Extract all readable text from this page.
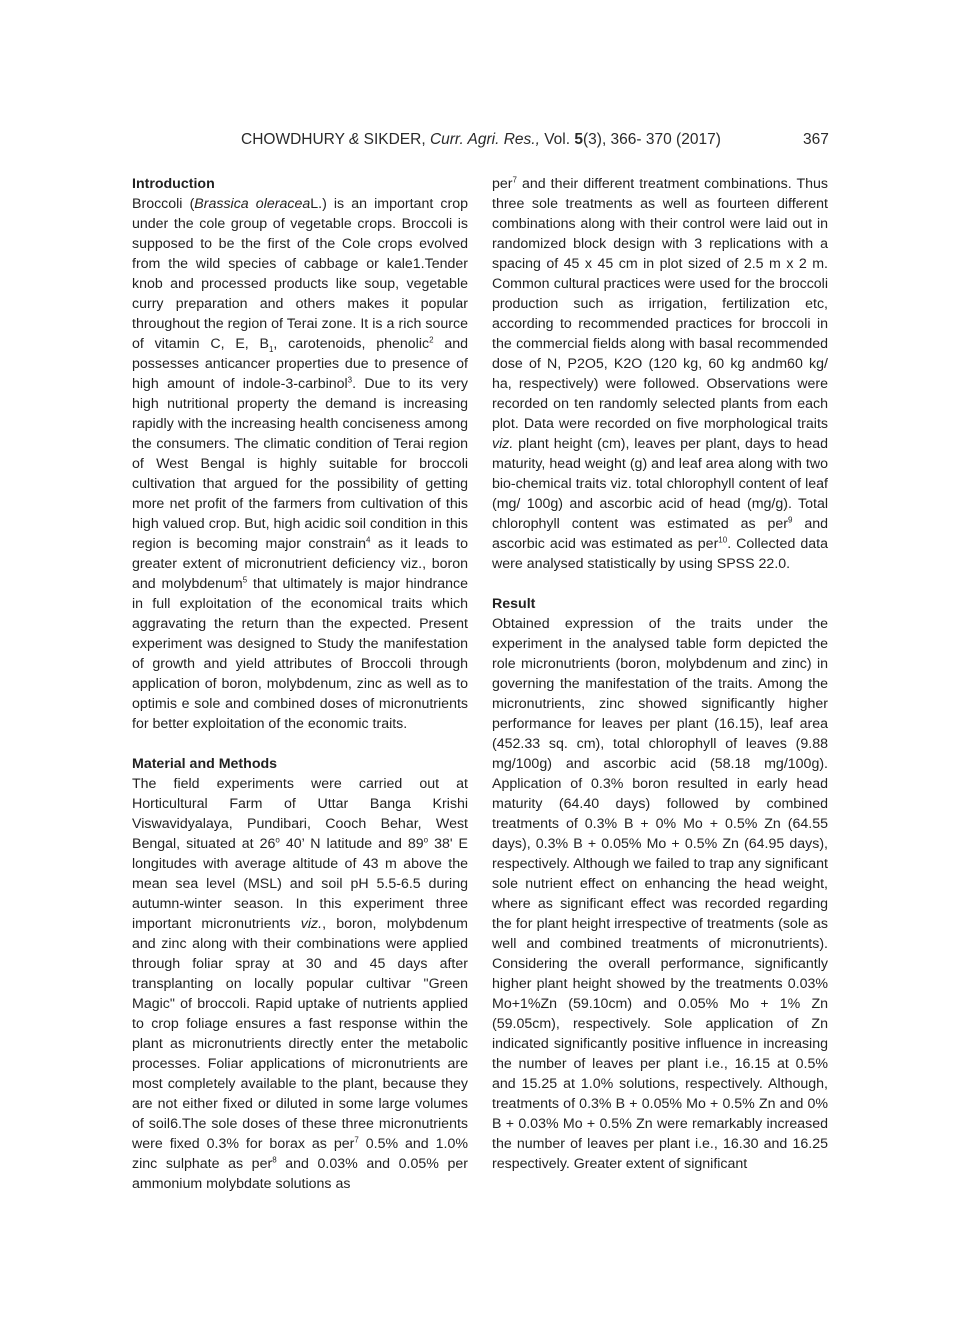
CHOWDHURY & SIKDER, Curr. Agri. Res., Vol. 5(3), 366- 370 (2017)	367

Introduction

Broccoli (Brassica oleraceaL.) is an important crop under the cole group of vegetable crops. Broccoli is supposed to be the first of the Cole crops evolved from the wild species of cabbage or kale1.Tender knob and processed products like soup, vegetable curry preparation and others makes it popular throughout the region of Terai zone. It is a rich source of vitamin C, E, $B_1$, carotenoids, phenolic$^2$ and possesses anticancer properties due to presence of high amount of indole-3-carbinol$^3$. Due to its very high nutritional property the demand is increasing rapidly with the increasing health conciseness among the consumers. The climatic condition of Terai region of West Bengal is highly suitable for broccoli cultivation that argued for the possibility of getting more net profit of the farmers from cultivation of this high valued crop. But, high acidic soil condition in this region is becoming major constrain$^4$ as it leads to greater extent of micronutrient deficiency viz., boron and molybdenum$^5$ that ultimately is major hindrance in full exploitation of the economical traits which aggravating the return than the expected. Present experiment was designed to Study the manifestation of growth and yield attributes of Broccoli through application of boron, molybdenum, zinc as well as to optimis e sole and combined doses of micronutrients for better exploitation of the economic traits.

Material and Methods

The field experiments were carried out at Horticultural Farm of Uttar Banga Krishi Viswavidyalaya, Pundibari, Cooch Behar, West Bengal, situated at 26$^o$ 40’ N latitude and 89$^o$ 38' E longitudes with average altitude of 43 m above the mean sea level (MSL) and soil pH 5.5-6.5 during autumn-winter season. In this experiment three important micronutrients viz., boron, molybdenum and zinc along with their combinations were applied through foliar spray at 30 and 45 days after transplanting on locally popular cultivar "Green Magic" of broccoli. Rapid uptake of nutrients applied to crop foliage ensures a fast response within the plant as micronutrients directly enter the metabolic processes. Foliar applications of micronutrients are most completely available to the plant, because they are not either fixed or diluted in some large volumes of soil6.The sole doses of these three micronutrients were fixed 0.3% for borax as per$^7$ 0.5% and 1.0% zinc sulphate as per$^8$ and 0.03% and 0.05% per ammonium molybdate solutions as

per$^7$ and their different treatment combinations. Thus three sole treatments as well as fourteen different combinations along with their control were laid out in randomized block design with 3 replications with a spacing of 45 x 45 cm in plot sized of 2.5 m x 2 m. Common cultural practices were used for the broccoli production such as irrigation, fertilization etc, according to recommended practices for broccoli in the commercial fields along with basal recommended dose of N, P2O5, K2O (120 kg, 60 kg andm60 kg/ ha, respectively) were followed. Observations were recorded on ten randomly selected plants from each plot. Data were recorded on five morphological traits viz. plant height (cm), leaves per plant, days to head maturity, head weight (g) and leaf area along with two bio-chemical traits viz. total chlorophyll content of leaf (mg/ 100g) and ascorbic acid of head (mg/g). Total chlorophyll content was estimated as per$^9$ and ascorbic acid was estimated as per$^{10}$. Collected data were analysed statistically by using SPSS 22.0.

Result

Obtained expression of the traits under the experiment in the analysed table form depicted the role micronutrients (boron, molybdenum and zinc) in governing the manifestation of the traits. Among the micronutrients, zinc showed significantly higher performance for leaves per plant (16.15), leaf area (452.33 sq. cm), total chlorophyll of leaves (9.88 mg/100g) and ascorbic acid (58.18 mg/100g). Application of 0.3% boron resulted in early head maturity (64.40 days) followed by combined treatments of 0.3% B + 0% Mo + 0.5% Zn (64.55 days), 0.3% B + 0.05% Mo + 0.5% Zn (64.95 days), respectively. Although we failed to trap any significant sole nutrient effect on enhancing the head weight, where as significant effect was recorded regarding the for plant height irrespective of treatments (sole as well and combined treatments of micronutrients). Considering the overall performance, significantly higher plant height showed by the treatments 0.03% Mo+1%Zn (59.10cm) and 0.05% Mo + 1% Zn (59.05cm), respectively. Sole application of Zn indicated significantly positive influence in increasing the number of leaves per plant i.e., 16.15 at 0.5% and 15.25 at 1.0% solutions, respectively. Although, treatments of 0.3% B + 0.05% Mo + 0.5% Zn and 0% B + 0.03% Mo + 0.5% Zn were remarkably increased the number of leaves per plant i.e., 16.30 and 16.25 respectively. Greater extent of significant
